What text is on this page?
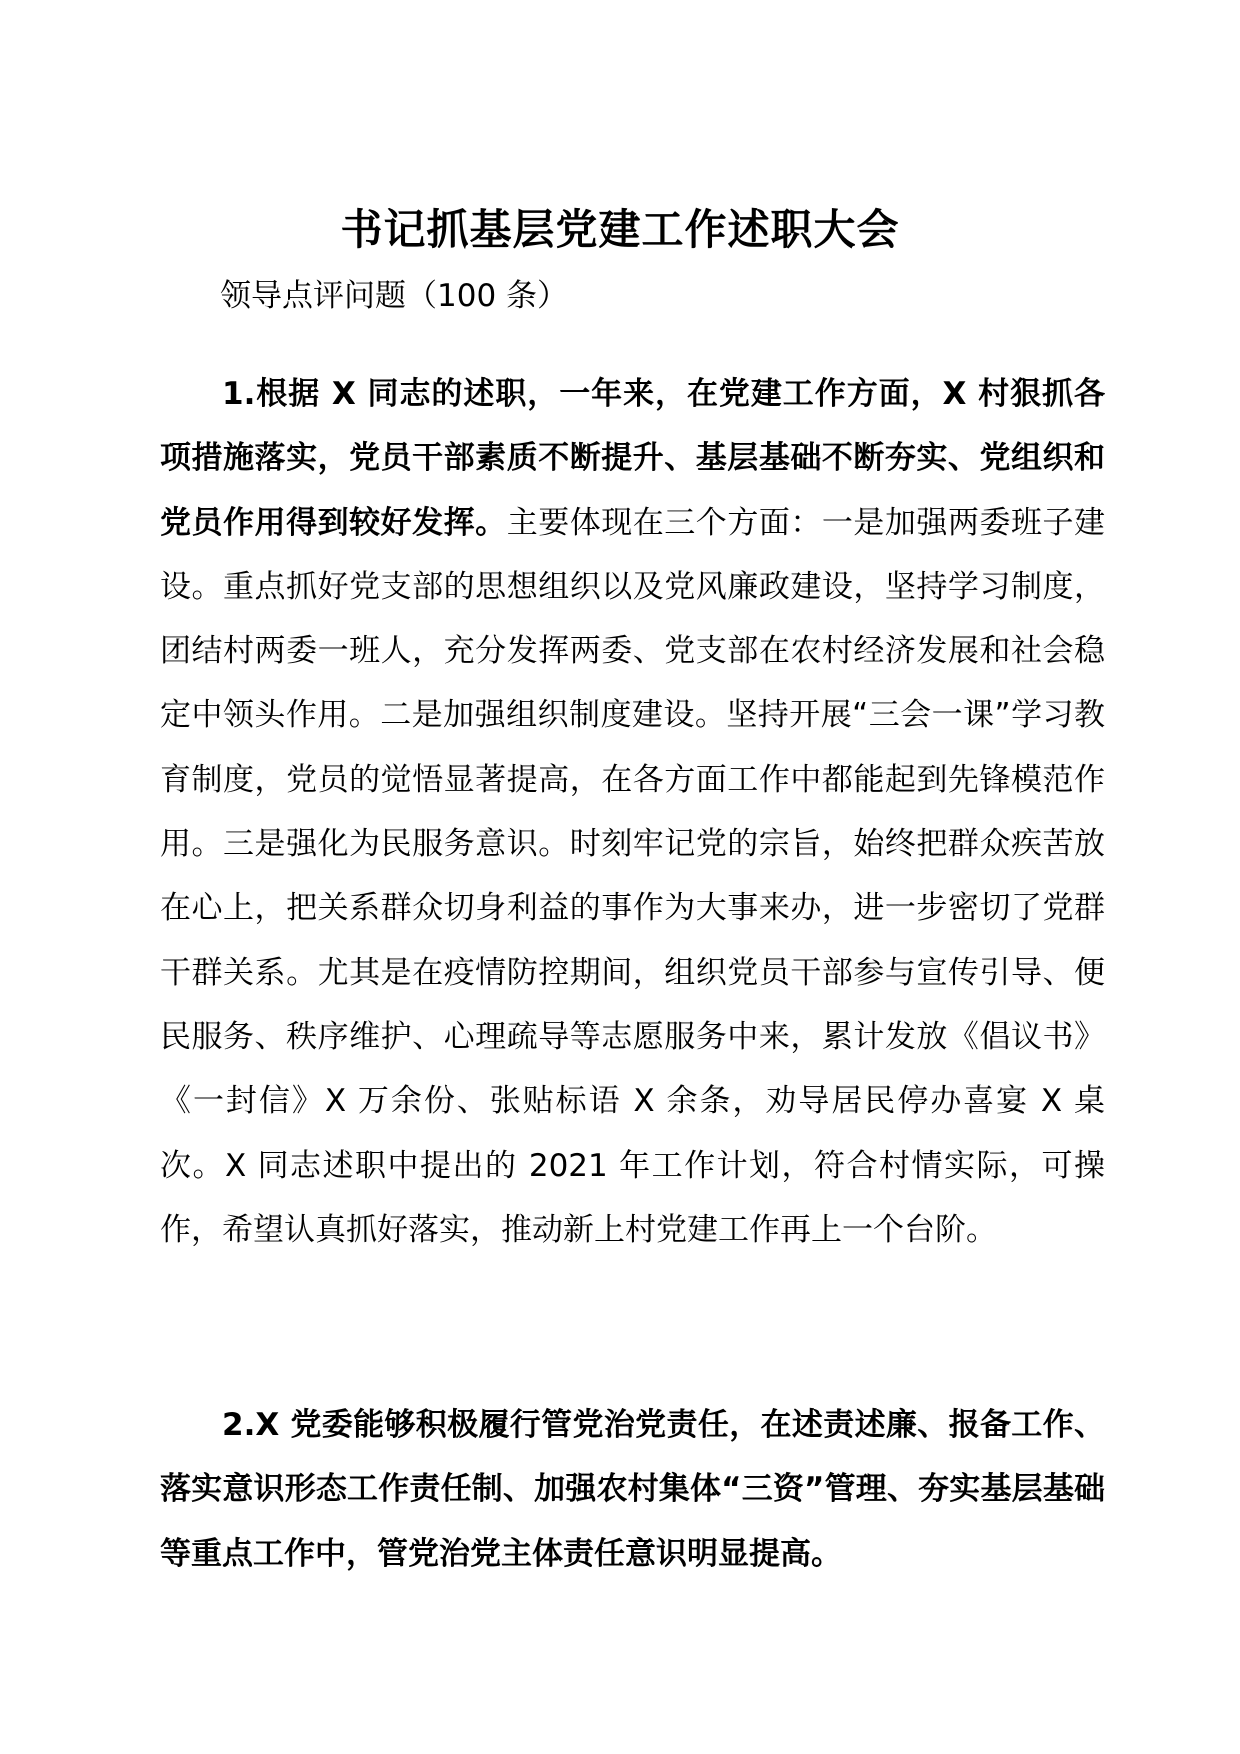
书记抓基层党建工作述职大会

领导点评问题（100 条）

1.根据 X 同志的述职，一年来，在党建工作方面，X 村狠抓各项措施落实，党员干部素质不断提升、基层基础不断夯实、党组织和党员作用得到较好发挥。主要体现在三个方面：一是加强两委班子建设。重点抓好党支部的思想组织以及党风廉政建设，坚持学习制度，团结村两委一班人，充分发挥两委、党支部在农村经济发展和社会稳定中领头作用。二是加强组织制度建设。坚持开展“三会一课”学习教育制度，党员的觉悟显著提高，在各方面工作中都能起到先锋模范作用。三是强化为民服务意识。时刻牢记党的宗旨，始终把群众疾苦放在心上，把关系群众切身利益的事作为大事来办，进一步密切了党群干群关系。尤其是在疫情防控期间，组织党员干部参与宣传引导、便民服务、秩序维护、心理疏导等志愿服务中来，累计发放《倡议书》《一封信》X 万余份、张贴标语 X 余条，劝导居民停办喜宴 X 桌次。X 同志述职中提出的 2021 年工作计划，符合村情实际，可操作，希望认真抓好落实，推动新上村党建工作再上一个台阶。

2.X 党委能够积极履行管党治党责任，在述责述廉、报备工作、落实意识形态工作责任制、加强农村集体“三资”管理、夯实基层基础等重点工作中，管党治党主体责任意识明显提高。
